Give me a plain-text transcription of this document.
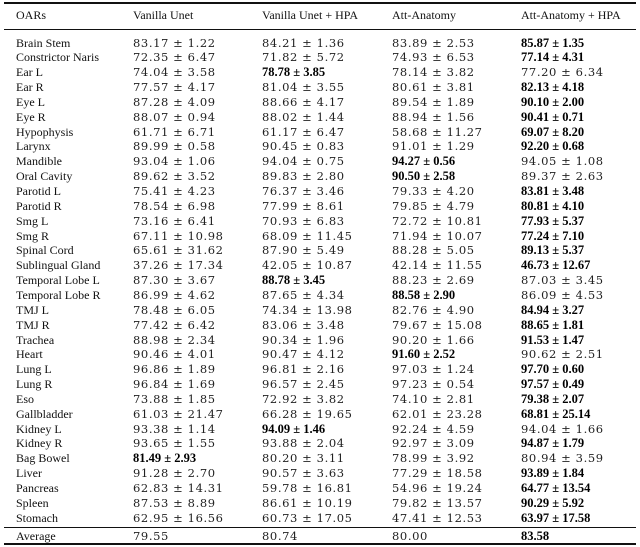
OARs	Vanilla Unet	Vanilla Unet + HPA	Att-Anatomy	Att-Anatomy + HPA
Brain Stem	83.17 ± 1.22	84.21 ± 1.36	83.89 ± 2.53	85.87 ± 1.35
Constrictor Naris	72.35 ± 6.47	71.82 ± 5.72	74.93 ± 6.53	77.14 ± 4.31
Ear L	74.04 ± 3.58	78.78 ± 3.85	78.14 ± 3.82	77.20 ± 6.34
Ear R	77.57 ± 4.17	81.04 ± 3.55	80.61 ± 3.81	82.13 ± 4.18
Eye L	87.28 ± 4.09	88.66 ± 4.17	89.54 ± 1.89	90.10 ± 2.00
Eye R	88.07 ± 0.94	88.02 ± 1.44	88.94 ± 1.56	90.41 ± 0.71
Hypophysis	61.71 ± 6.71	61.17 ± 6.47	58.68 ± 11.27	69.07 ± 8.20
Larynx	89.99 ± 0.58	90.45 ± 0.83	91.01 ± 1.29	92.20 ± 0.68
Mandible	93.04 ± 1.06	94.04 ± 0.75	94.27 ± 0.56	94.05 ± 1.08
Oral Cavity	89.62 ± 3.52	89.83 ± 2.80	90.50 ± 2.58	89.37 ± 2.63
Parotid L	75.41 ± 4.23	76.37 ± 3.46	79.33 ± 4.20	83.81 ± 3.48
Parotid R	78.54 ± 6.98	77.99 ± 8.61	79.85 ± 4.79	80.81 ± 4.10
Smg L	73.16 ± 6.41	70.93 ± 6.83	72.72 ± 10.81	77.93 ± 5.37
Smg R	67.11 ± 10.98	68.09 ± 11.45	71.94 ± 10.07	77.24 ± 7.10
Spinal Cord	65.61 ± 31.62	87.90 ± 5.49	88.28 ± 5.05	89.13 ± 5.37
Sublingual Gland	37.26 ± 17.34	42.05 ± 10.87	42.14 ± 11.55	46.73 ± 12.67
Temporal Lobe L	87.30 ± 3.67	88.78 ± 3.45	88.23 ± 2.69	87.03 ± 3.45
Temporal Lobe R	86.99 ± 4.62	87.65 ± 4.34	88.58 ± 2.90	86.09 ± 4.53
TMJ L	78.48 ± 6.05	74.34 ± 13.98	82.76 ± 4.90	84.94 ± 3.27
TMJ R	77.42 ± 6.42	83.06 ± 3.48	79.67 ± 15.08	88.65 ± 1.81
Trachea	88.98 ± 2.34	90.34 ± 1.96	90.20 ± 1.66	91.53 ± 1.47
Heart	90.46 ± 4.01	90.47 ± 4.12	91.60 ± 2.52	90.62 ± 2.51
Lung L	96.86 ± 1.89	96.81 ± 2.16	97.03 ± 1.24	97.70 ± 0.60
Lung R	96.84 ± 1.69	96.57 ± 2.45	97.23 ± 0.54	97.57 ± 0.49
Eso	73.88 ± 1.85	72.92 ± 3.82	74.10 ± 2.81	79.38 ± 2.07
Gallbladder	61.03 ± 21.47	66.28 ± 19.65	62.01 ± 23.28	68.81 ± 25.14
Kidney L	93.38 ± 1.14	94.09 ± 1.46	92.24 ± 4.59	94.04 ± 1.66
Kidney R	93.65 ± 1.55	93.88 ± 2.04	92.97 ± 3.09	94.87 ± 1.79
Bag Bowel	81.49 ± 2.93	80.20 ± 3.11	78.99 ± 3.92	80.94 ± 3.59
Liver	91.28 ± 2.70	90.57 ± 3.63	77.29 ± 18.58	93.89 ± 1.84
Pancreas	62.83 ± 14.31	59.78 ± 16.81	54.96 ± 19.24	64.77 ± 13.54
Spleen	87.53 ± 8.89	86.61 ± 10.19	79.82 ± 13.57	90.29 ± 5.92
Stomach	62.95 ± 16.56	60.73 ± 17.05	47.41 ± 12.53	63.97 ± 17.58
Average	79.55	80.74	80.00	83.58
